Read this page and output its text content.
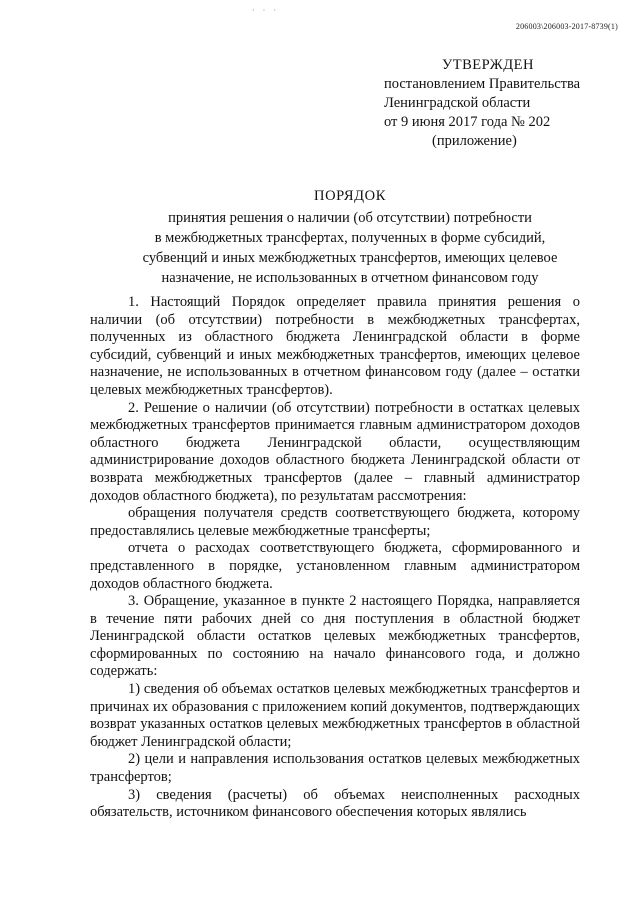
· · ·
206003\206003-2017-8739(1)
УТВЕРЖДЕН
постановлением Правительства
Ленинградской области
от 9 июня 2017 года № 202
(приложение)
ПОРЯДОК
принятия решения о наличии (об отсутствии) потребности
в межбюджетных трансфертах, полученных в форме субсидий,
субвенций и иных межбюджетных трансфертов, имеющих целевое
назначение, не использованных в отчетном финансовом году

1. Настоящий Порядок определяет правила принятия решения о наличии (об отсутствии) потребности в межбюджетных трансфертах, полученных из областного бюджета Ленинградской области в форме субсидий, субвенций и иных межбюджетных трансфертов, имеющих целевое назначение, не использованных в отчетном финансовом году (далее – остатки целевых межбюджетных трансфертов).

2. Решение о наличии (об отсутствии) потребности в остатках целевых межбюджетных трансфертов принимается главным администратором доходов областного бюджета Ленинградской области, осуществляющим администрирование доходов областного бюджета Ленинградской области от возврата межбюджетных трансфертов (далее – главный администратор доходов областного бюджета), по результатам рассмотрения:

обращения получателя средств соответствующего бюджета, которому предоставлялись целевые межбюджетные трансферты;

отчета о расходах соответствующего бюджета, сформированного и представленного в порядке, установленном главным администратором доходов областного бюджета.

3. Обращение, указанное в пункте 2 настоящего Порядка, направляется в течение пяти рабочих дней со дня поступления в областной бюджет Ленинградской области остатков целевых межбюджетных трансфертов, сформированных по состоянию на начало финансового года, и должно содержать:

1) сведения об объемах остатков целевых межбюджетных трансфертов и причинах их образования с приложением копий документов, подтверждающих возврат указанных остатков целевых межбюджетных трансфертов в областной бюджет Ленинградской области;

2) цели и направления использования остатков целевых межбюджетных трансфертов;

3) сведения (расчеты) об объемах неисполненных расходных обязательств, источником финансового обеспечения которых являлись
